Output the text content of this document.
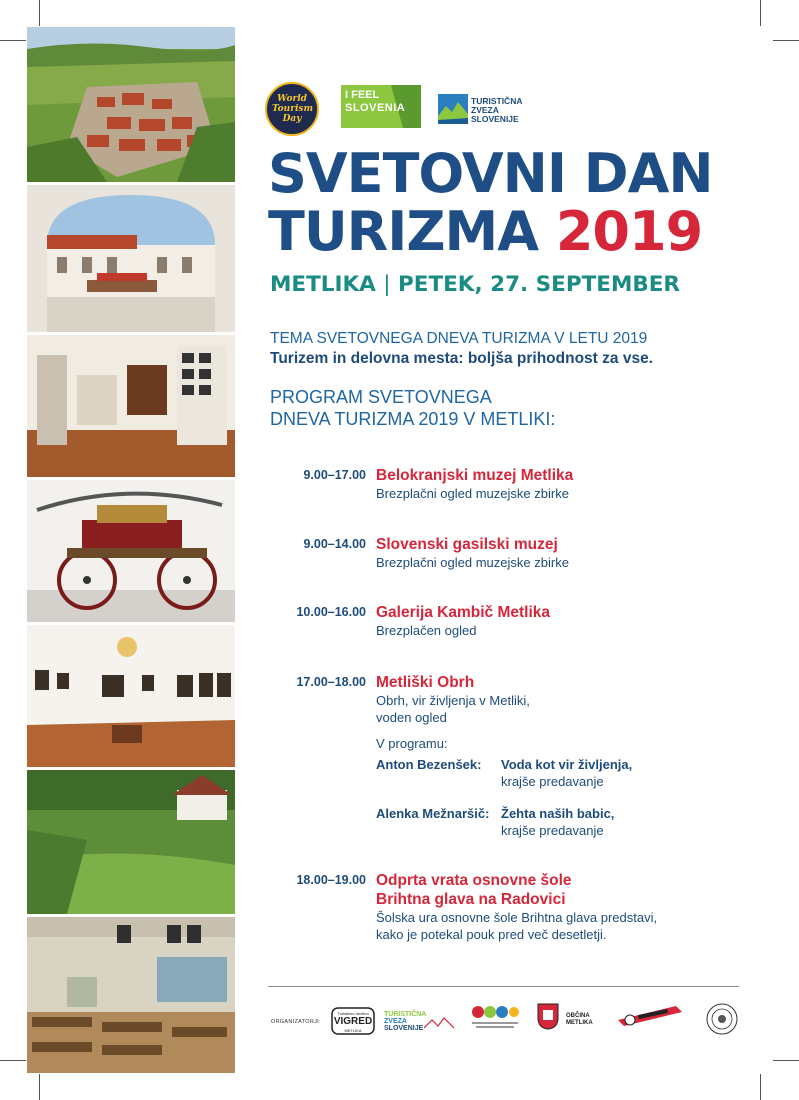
World Tourism Day
I FEEL
SLOVENIA
TURISTIČNA
ZVEZA
SLOVENIJE
SVETOVNI DAN
TURIZMA 2019
METLIKA | PETEK, 27. SEPTEMBER
TEMA SVETOVNEGA DNEVA TURIZMA V LETU 2019
Turizem in delovna mesta: boljša prihodnost za vse.
PROGRAM SVETOVNEGA
DNEVA TURIZMA 2019 V METLIKI:
9.00–17.00 Belokranjski muzej Metlika
Brezplačni ogled muzejske zbirke
9.00–14.00 Slovenski gasilski muzej
Brezplačni ogled muzejske zbirke
10.00–16.00 Galerija Kambič Metlika
Brezplačen ogled
17.00–18.00 Metliški Obrh
Obrh, vir življenja v Metliki,
voden ogled
V programu:
Anton Bezenšek: Voda kot vir življenja,
krajše predavanje
Alenka Mežnaršič: Žehta naših babic,
krajše predavanje
18.00–19.00 Odprta vrata osnovne šole
Brihtna glava na Radovici
Šolska ura osnovne šole Brihtna glava predstavi,
kako je potekal pouk pred več desetletji.
ORGANIZATORJI:
Turistično društvo
VIGRED
METLIKA
TURISTIČNA
ZVEZA
SLOVENIJE
OBČINA
METLIKA
